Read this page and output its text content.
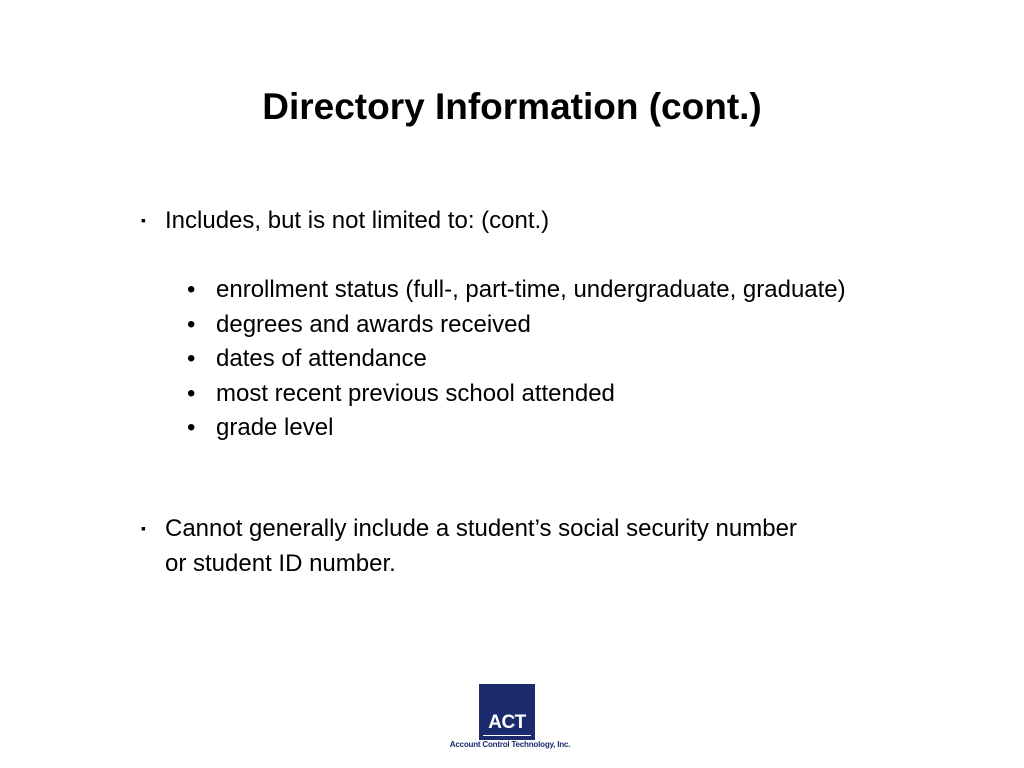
Directory Information (cont.)
▪ Includes, but is not limited to: (cont.)
• enrollment status (full-, part-time, undergraduate, graduate)
• degrees and awards received
• dates of attendance
• most recent previous school attended
• grade level
▪ Cannot generally include a student’s social security number or student ID number.
ACT
Account Control Technology, Inc.
